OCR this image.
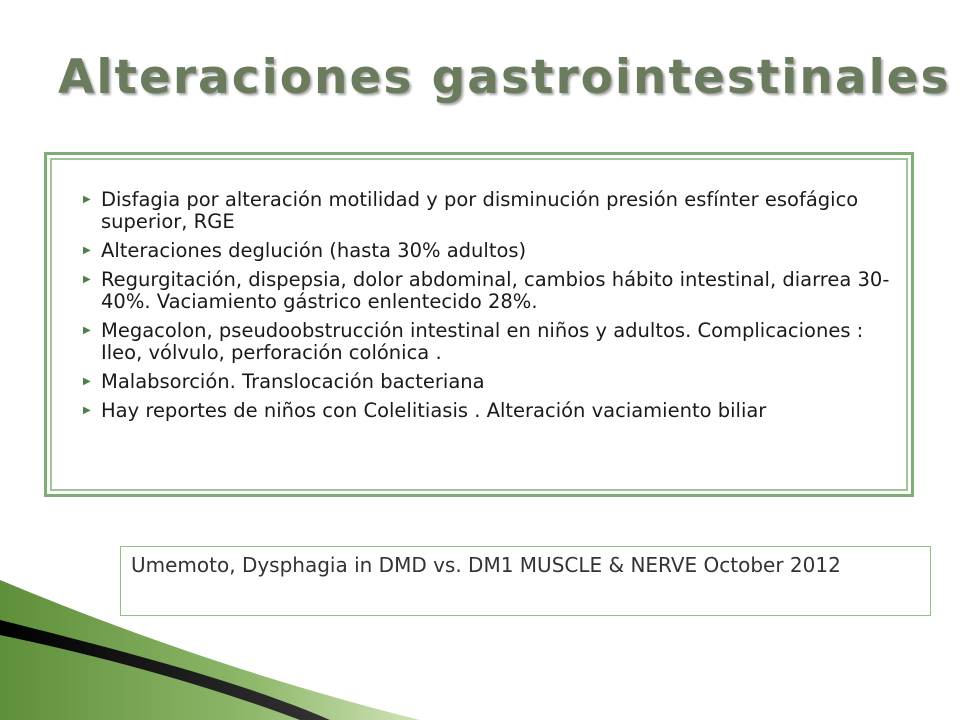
Alteraciones gastrointestinales
▶ Disfagia por alteración motilidad y por disminución presión esfínter esofágico superior, RGE
▶ Alteraciones deglución (hasta 30% adultos)
▶ Regurgitación, dispepsia, dolor abdominal, cambios hábito intestinal, diarrea 30-40%. Vaciamiento gástrico enlentecido 28%.
▶ Megacolon, pseudoobstrucción intestinal en niños y adultos. Complicaciones : Ileo, vólvulo, perforación colónica .
▶ Malabsorción. Translocación bacteriana
▶ Hay reportes de niños con Colelitiasis . Alteración vaciamiento biliar
Umemoto, Dysphagia in DMD vs. DM1 MUSCLE & NERVE October 2012
